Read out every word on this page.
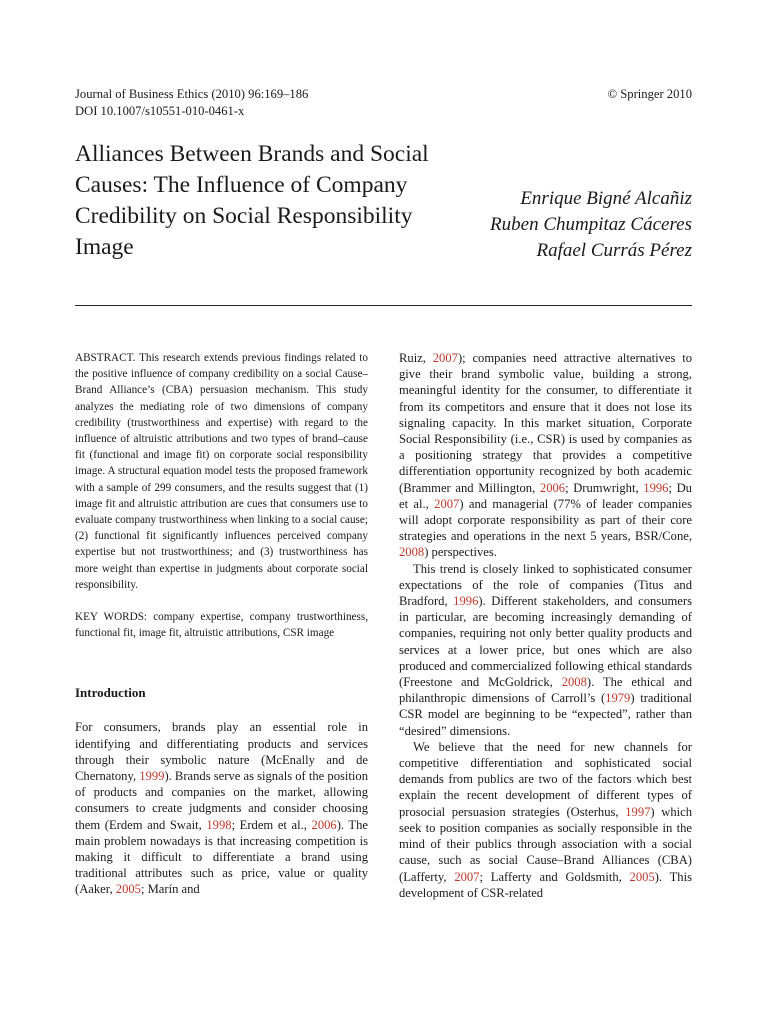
Journal of Business Ethics (2010) 96:169–186
DOI 10.1007/s10551-010-0461-x
© Springer 2010
Alliances Between Brands and Social Causes: The Influence of Company Credibility on Social Responsibility Image
Enrique Bigné Alcañiz
Ruben Chumpitaz Cáceres
Rafael Currás Pérez

ABSTRACT. This research extends previous findings related to the positive influence of company credibility on a social Cause–Brand Alliance’s (CBA) persuasion mechanism. This study analyzes the mediating role of two dimensions of company credibility (trustworthiness and expertise) with regard to the influence of altruistic attributions and two types of brand–cause fit (functional and image fit) on corporate social responsibility image. A structural equation model tests the proposed framework with a sample of 299 consumers, and the results suggest that (1) image fit and altruistic attribution are cues that consumers use to evaluate company trustworthiness when linking to a social cause; (2) functional fit significantly influences perceived company expertise but not trustworthiness; and (3) trustworthiness has more weight than expertise in judgments about corporate social responsibility.

KEY WORDS: company expertise, company trustworthiness, functional fit, image fit, altruistic attributions, CSR image

Introduction

For consumers, brands play an essential role in identifying and differentiating products and services through their symbolic nature (McEnally and de Chernatony, 1999). Brands serve as signals of the position of products and companies on the market, allowing consumers to create judgments and consider choosing them (Erdem and Swait, 1998; Erdem et al., 2006). The main problem nowadays is that increasing competition is making it difficult to differentiate a brand using traditional attributes such as price, value or quality (Aaker, 2005; Marín and

Ruiz, 2007); companies need attractive alternatives to give their brand symbolic value, building a strong, meaningful identity for the consumer, to differentiate it from its competitors and ensure that it does not lose its signaling capacity. In this market situation, Corporate Social Responsibility (i.e., CSR) is used by companies as a positioning strategy that provides a competitive differentiation opportunity recognized by both academic (Brammer and Millington, 2006; Drumwright, 1996; Du et al., 2007) and managerial (77% of leader companies will adopt corporate responsibility as part of their core strategies and operations in the next 5 years, BSR/Cone, 2008) perspectives.

This trend is closely linked to sophisticated consumer expectations of the role of companies (Titus and Bradford, 1996). Different stakeholders, and consumers in particular, are becoming increasingly demanding of companies, requiring not only better quality products and services at a lower price, but ones which are also produced and commercialized following ethical standards (Freestone and McGoldrick, 2008). The ethical and philanthropic dimensions of Carroll’s (1979) traditional CSR model are beginning to be “expected”, rather than “desired” dimensions.

We believe that the need for new channels for competitive differentiation and sophisticated social demands from publics are two of the factors which best explain the recent development of different types of prosocial persuasion strategies (Osterhus, 1997) which seek to position companies as socially responsible in the mind of their publics through association with a social cause, such as social Cause–Brand Alliances (CBA) (Lafferty, 2007; Lafferty and Goldsmith, 2005). This development of CSR-related
